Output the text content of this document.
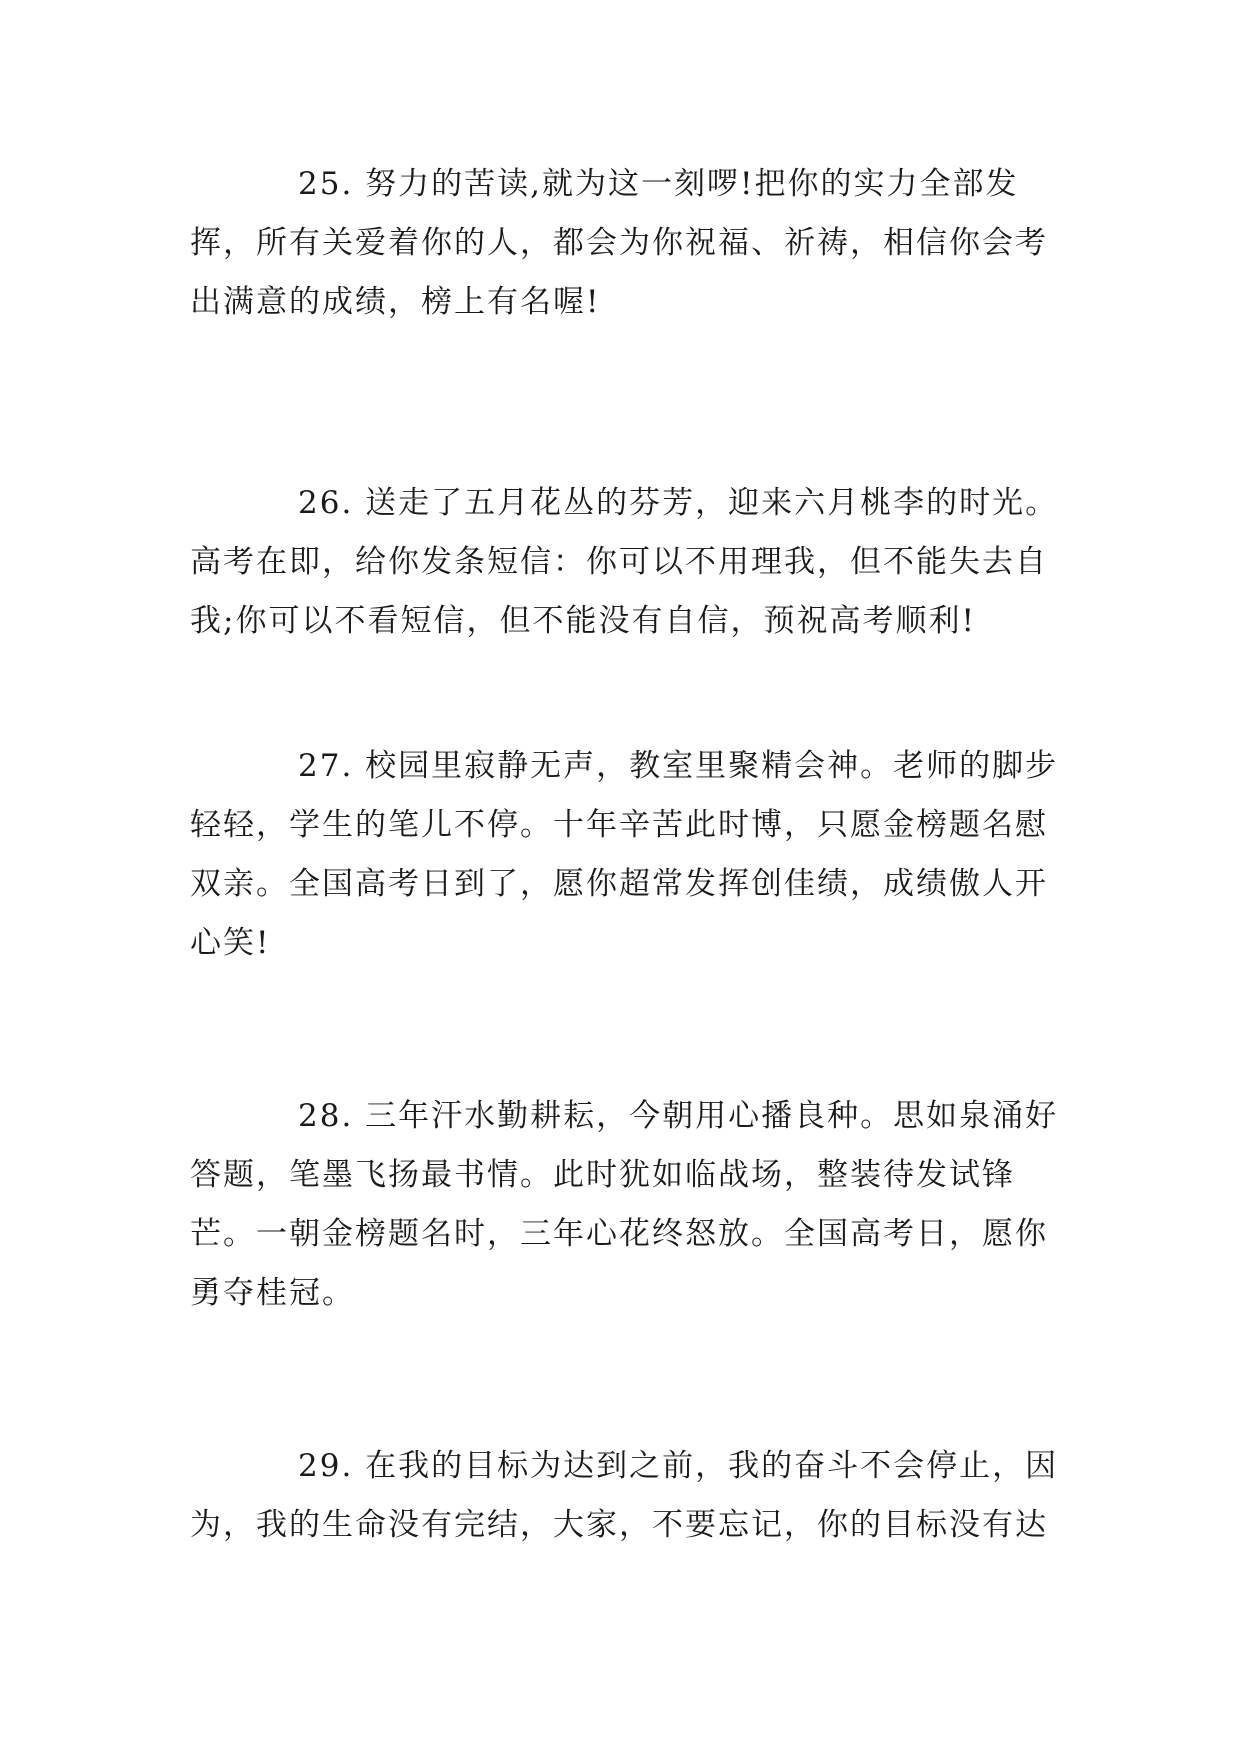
25. 努力的苦读,就为这一刻啰!把你的实力全部发挥，所有关爱着你的人，都会为你祝福、祈祷，相信你会考出满意的成绩，榜上有名喔!

26. 送走了五月花丛的芬芳，迎来六月桃李的时光。高考在即，给你发条短信：你可以不用理我，但不能失去自我;你可以不看短信，但不能没有自信，预祝高考顺利!

27. 校园里寂静无声，教室里聚精会神。老师的脚步轻轻，学生的笔儿不停。十年辛苦此时博，只愿金榜题名慰双亲。全国高考日到了，愿你超常发挥创佳绩，成绩傲人开心笑!

28. 三年汗水勤耕耘，今朝用心播良种。思如泉涌好答题，笔墨飞扬最书情。此时犹如临战场，整装待发试锋芒。一朝金榜题名时，三年心花终怒放。全国高考日，愿你勇夺桂冠。

29. 在我的目标为达到之前，我的奋斗不会停止，因为，我的生命没有完结，大家，不要忘记，你的目标没有达
